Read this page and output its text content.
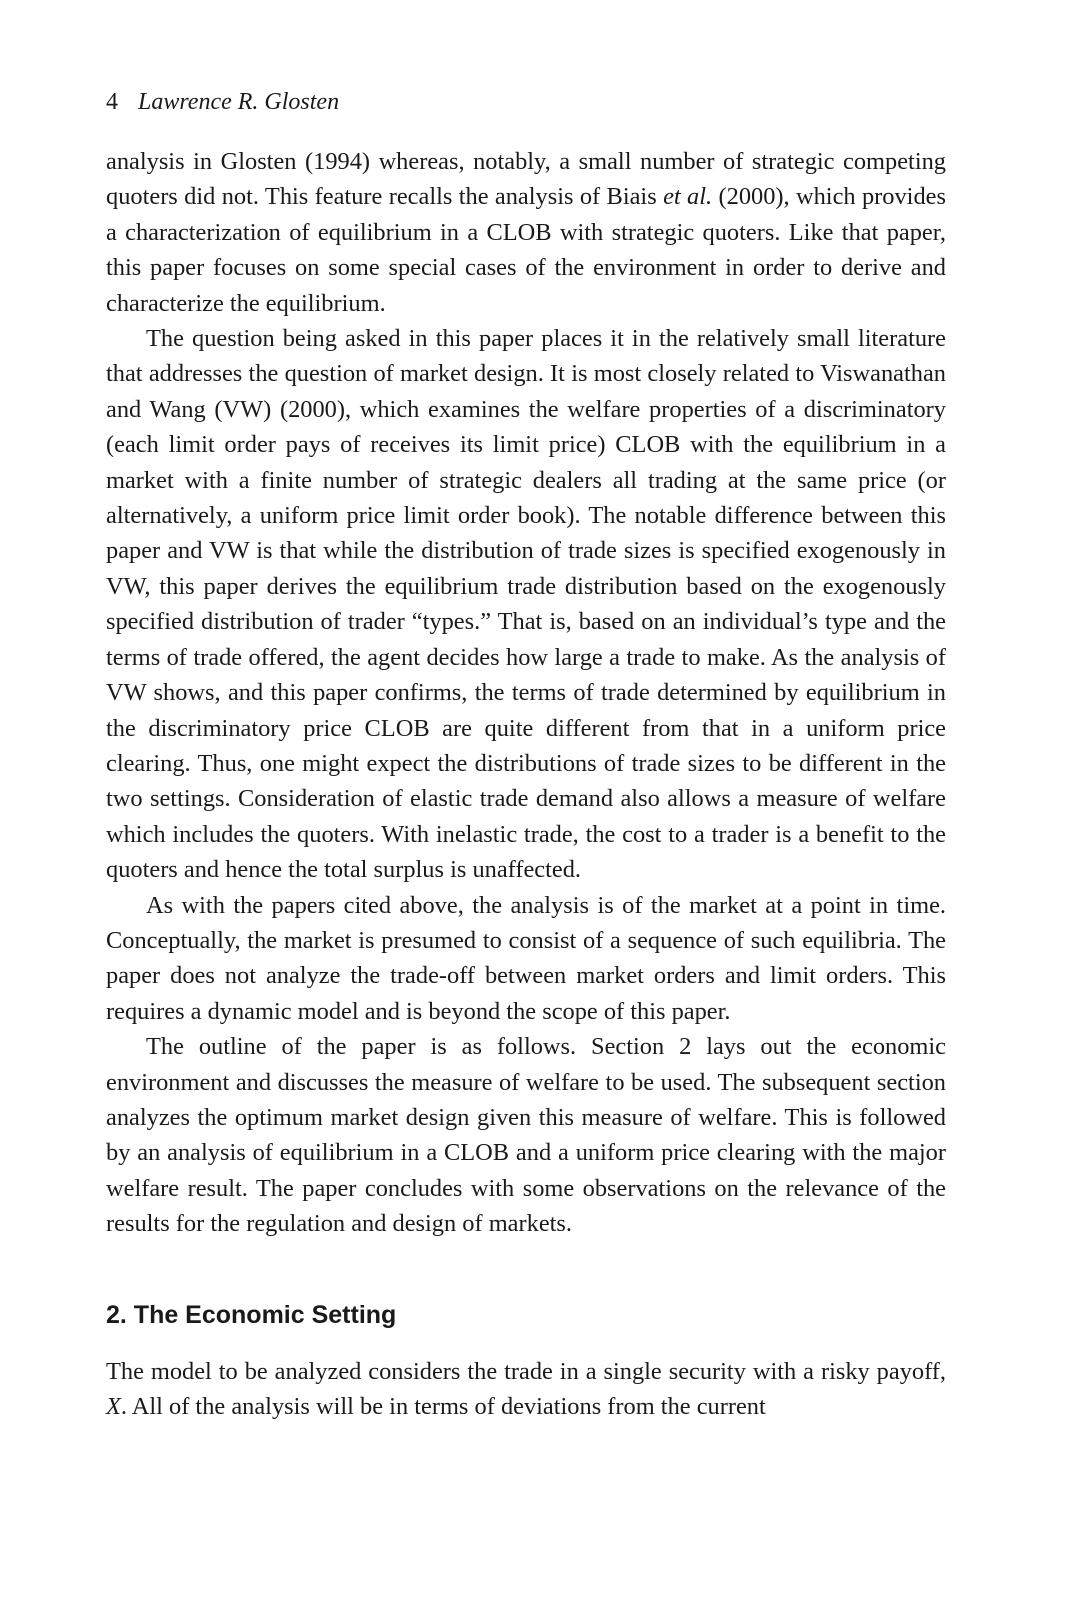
4 Lawrence R. Glosten

analysis in Glosten (1994) whereas, notably, a small number of strategic competing quoters did not. This feature recalls the analysis of Biais et al. (2000), which provides a characterization of equilibrium in a CLOB with strategic quoters. Like that paper, this paper focuses on some special cases of the environment in order to derive and characterize the equilibrium.

The question being asked in this paper places it in the relatively small literature that addresses the question of market design. It is most closely related to Viswanathan and Wang (VW) (2000), which examines the welfare properties of a discriminatory (each limit order pays of receives its limit price) CLOB with the equilibrium in a market with a finite number of strategic dealers all trading at the same price (or alternatively, a uniform price limit order book). The notable difference between this paper and VW is that while the distribution of trade sizes is specified exogenously in VW, this paper derives the equilibrium trade distribution based on the exogenously specified distribution of trader “types.” That is, based on an individual’s type and the terms of trade offered, the agent decides how large a trade to make. As the analysis of VW shows, and this paper confirms, the terms of trade determined by equilibrium in the discriminatory price CLOB are quite different from that in a uniform price clearing. Thus, one might expect the distributions of trade sizes to be different in the two settings. Consideration of elastic trade demand also allows a measure of welfare which includes the quoters. With inelastic trade, the cost to a trader is a benefit to the quoters and hence the total surplus is unaffected.

As with the papers cited above, the analysis is of the market at a point in time. Conceptually, the market is presumed to consist of a sequence of such equilibria. The paper does not analyze the trade-off between market orders and limit orders. This requires a dynamic model and is beyond the scope of this paper.

The outline of the paper is as follows. Section 2 lays out the economic environment and discusses the measure of welfare to be used. The subsequent section analyzes the optimum market design given this measure of welfare. This is followed by an analysis of equilibrium in a CLOB and a uniform price clearing with the major welfare result. The paper concludes with some observations on the relevance of the results for the regulation and design of markets.

2. The Economic Setting

The model to be analyzed considers the trade in a single security with a risky payoff, X. All of the analysis will be in terms of deviations from the current
